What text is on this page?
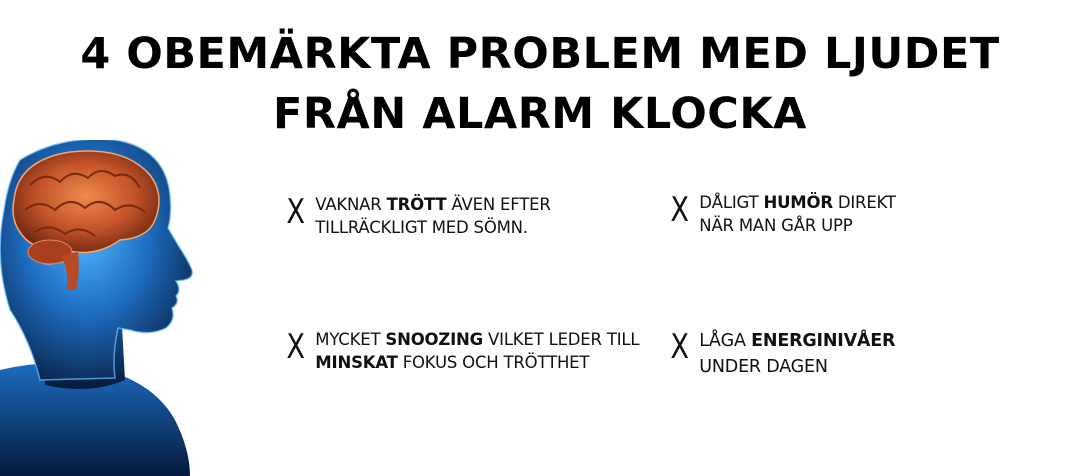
4 OBEMÄRKTA PROBLEM MED LJUDET
FRÅN ALARM KLOCKA
X VAKNAR TRÖTT ÄVEN EFTER
TILLRÄCKLIGT MED SÖMN.	X DÅLIGT HUMÖR DIREKT
NÄR MAN GÅR UPP
X MYCKET SNOOZING VILKET LEDER TILL
MINSKAT FOKUS OCH TRÖTTHET	X LÅGA ENERGINIVÅER
UNDER DAGEN
